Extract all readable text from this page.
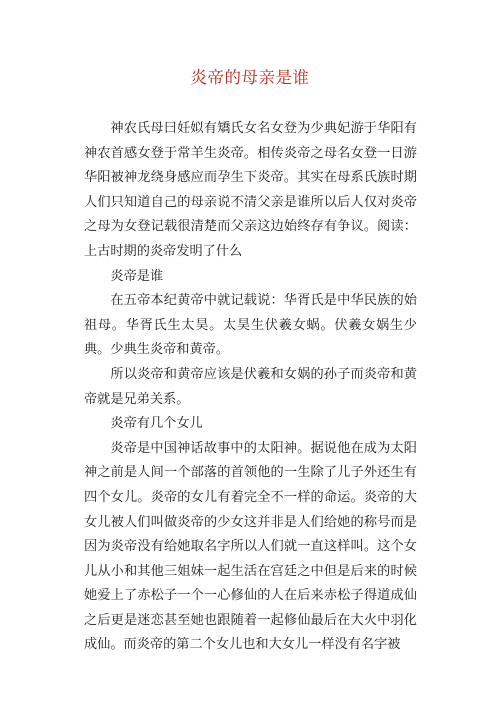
炎帝的母亲是谁

神农氏母曰妊姒有矯氏女名女登为少典妃游于华阳有神农首感女登于常羊生炎帝。相传炎帝之母名女登一日游华阳被神龙绕身感应而孕生下炎帝。其实在母系氏族时期人们只知道自己的母亲说不清父亲是谁所以后人仅对炎帝之母为女登记载很清楚而父亲这边始终存有争议。阅读：上古时期的炎帝发明了什么

炎帝是谁

在五帝本纪黄帝中就记载说：华胥氏是中华民族的始祖母。华胥氏生太昊。太昊生伏羲女蜗。伏羲女娲生少典。少典生炎帝和黄帝。

所以炎帝和黄帝应该是伏羲和女娲的孙子而炎帝和黄帝就是兄弟关系。

炎帝有几个女儿

炎帝是中国神话故事中的太阳神。据说他在成为太阳神之前是人间一个部落的首领他的一生除了儿子外还生有四个女儿。炎帝的女儿有着完全不一样的命运。炎帝的大女儿被人们叫做炎帝的少女这并非是人们给她的称号而是因为炎帝没有给她取名字所以人们就一直这样叫。这个女儿从小和其他三姐妹一起生活在宫廷之中但是后来的时候她爱上了赤松子一个一心修仙的人在后来赤松子得道成仙之后更是迷恋甚至她也跟随着一起修仙最后在大火中羽化成仙。而炎帝的第二个女儿也和大女儿一样没有名字被
